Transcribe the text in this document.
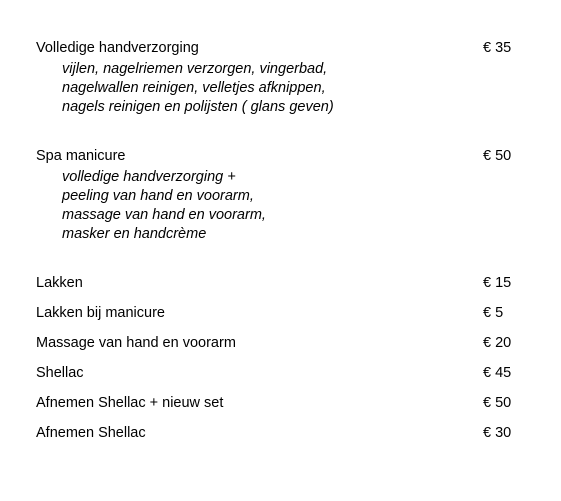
Volledige handverzorging	€ 35
vijlen, nagelriemen verzorgen, vingerbad,
nagelwallen reinigen, velletjes afknippen,
nagels reinigen en polijsten ( glans geven)
Spa manicure	€ 50
volledige handverzorging +
peeling van hand en voorarm,
massage van hand en voorarm,
masker en handcrème
Lakken	€ 15
Lakken bij manicure	€ 5
Massage van hand en voorarm	€ 20
Shellac	€ 45
Afnemen Shellac + nieuw set	€ 50
Afnemen Shellac	€ 30
